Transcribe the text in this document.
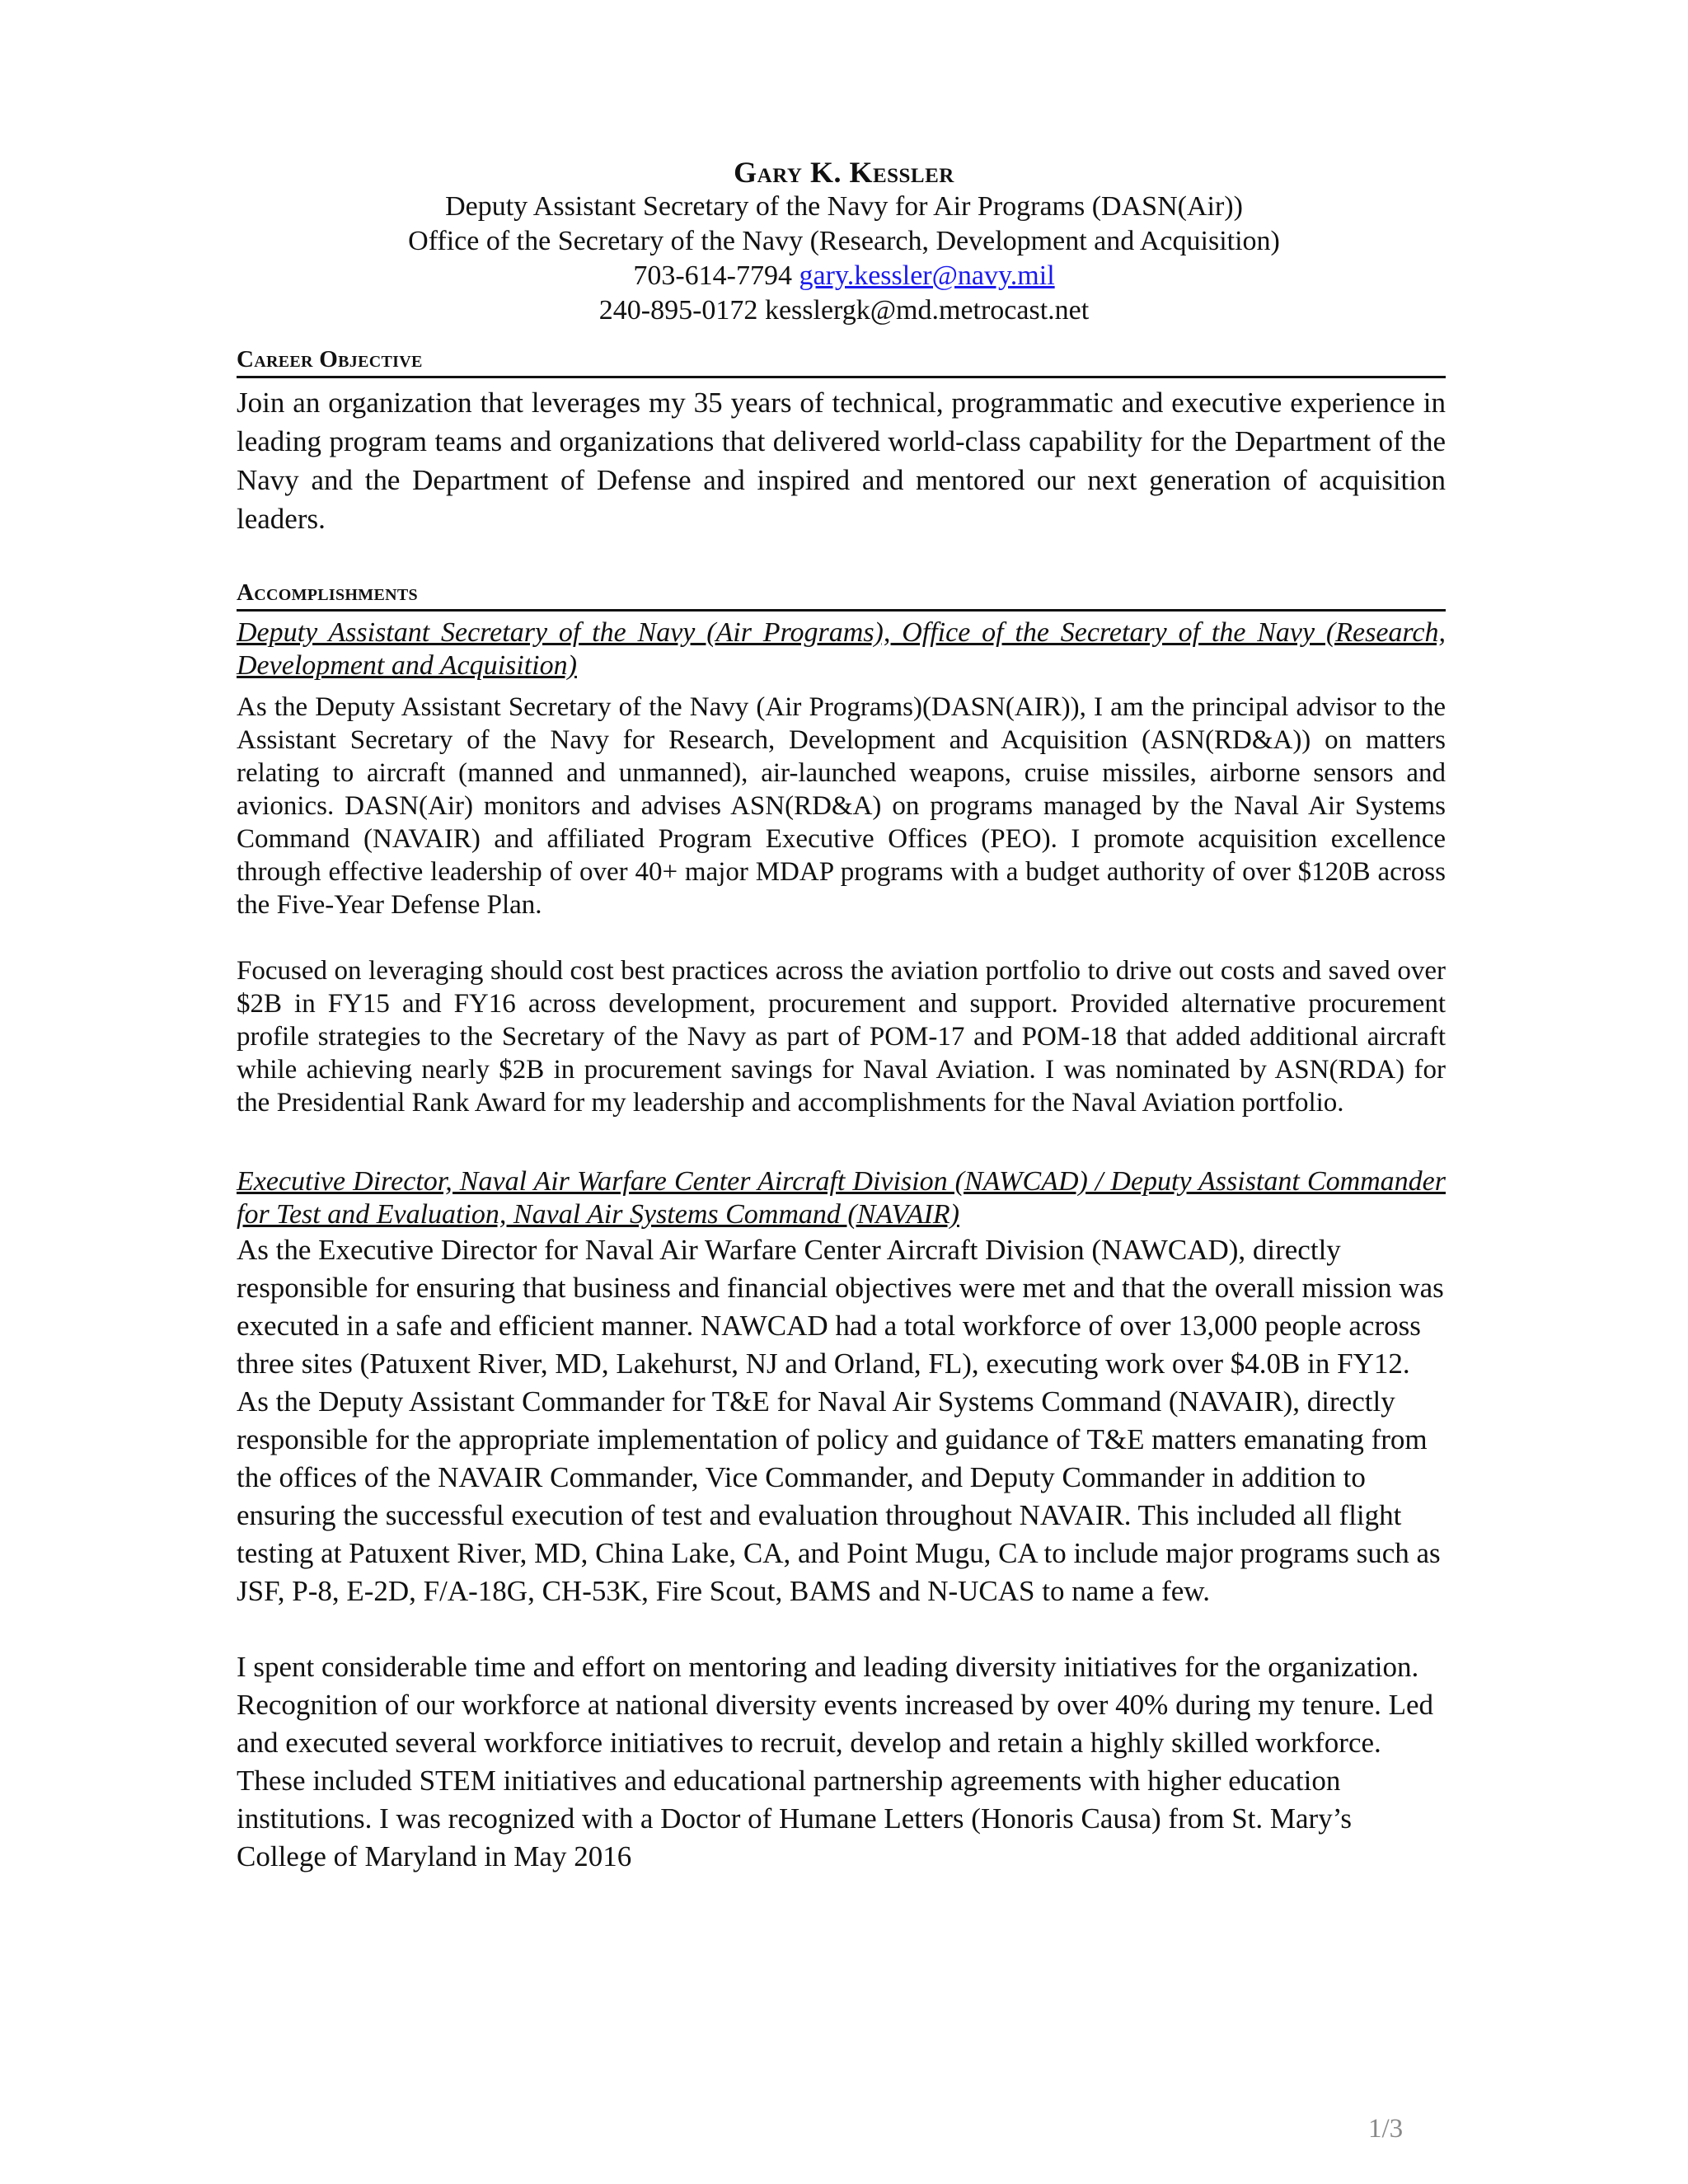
Gary K. Kessler
Deputy Assistant Secretary of the Navy for Air Programs (DASN(Air))
Office of the Secretary of the Navy (Research, Development and Acquisition)
703-614-7794 gary.kessler@navy.mil
240-895-0172 kesslergk@md.metrocast.net
Career Objective

Join an organization that leverages my 35 years of technical, programmatic and executive experience in leading program teams and organizations that delivered world-class capability for the Department of the Navy and the Department of Defense and inspired and mentored our next generation of acquisition leaders.

Accomplishments

Deputy Assistant Secretary of the Navy (Air Programs), Office of the Secretary of the Navy (Research, Development and Acquisition)

As the Deputy Assistant Secretary of the Navy (Air Programs)(DASN(AIR)), I am the principal advisor to the Assistant Secretary of the Navy for Research, Development and Acquisition (ASN(RD&A)) on matters relating to aircraft (manned and unmanned), air-launched weapons, cruise missiles, airborne sensors and avionics. DASN(Air) monitors and advises ASN(RD&A) on programs managed by the Naval Air Systems Command (NAVAIR) and affiliated Program Executive Offices (PEO). I promote acquisition excellence through effective leadership of over 40+ major MDAP programs with a budget authority of over $120B across the Five-Year Defense Plan.

Focused on leveraging should cost best practices across the aviation portfolio to drive out costs and saved over $2B in FY15 and FY16 across development, procurement and support. Provided alternative procurement profile strategies to the Secretary of the Navy as part of POM-17 and POM-18 that added additional aircraft while achieving nearly $2B in procurement savings for Naval Aviation. I was nominated by ASN(RDA) for the Presidential Rank Award for my leadership and accomplishments for the Naval Aviation portfolio.

Executive Director, Naval Air Warfare Center Aircraft Division (NAWCAD) / Deputy Assistant Commander for Test and Evaluation, Naval Air Systems Command (NAVAIR)

As the Executive Director for Naval Air Warfare Center Aircraft Division (NAWCAD), directly responsible for ensuring that business and financial objectives were met and that the overall mission was executed in a safe and efficient manner. NAWCAD had a total workforce of over 13,000 people across three sites (Patuxent River, MD, Lakehurst, NJ and Orland, FL), executing work over $4.0B in FY12. As the Deputy Assistant Commander for T&E for Naval Air Systems Command (NAVAIR), directly responsible for the appropriate implementation of policy and guidance of T&E matters emanating from the offices of the NAVAIR Commander, Vice Commander, and Deputy Commander in addition to ensuring the successful execution of test and evaluation throughout NAVAIR. This included all flight testing at Patuxent River, MD, China Lake, CA, and Point Mugu, CA to include major programs such as JSF, P-8, E-2D, F/A-18G, CH-53K, Fire Scout, BAMS and N-UCAS to name a few.

I spent considerable time and effort on mentoring and leading diversity initiatives for the organization. Recognition of our workforce at national diversity events increased by over 40% during my tenure. Led and executed several workforce initiatives to recruit, develop and retain a highly skilled workforce. These included STEM initiatives and educational partnership agreements with higher education institutions. I was recognized with a Doctor of Humane Letters (Honoris Causa) from St. Mary’s College of Maryland in May 2016

1/3
